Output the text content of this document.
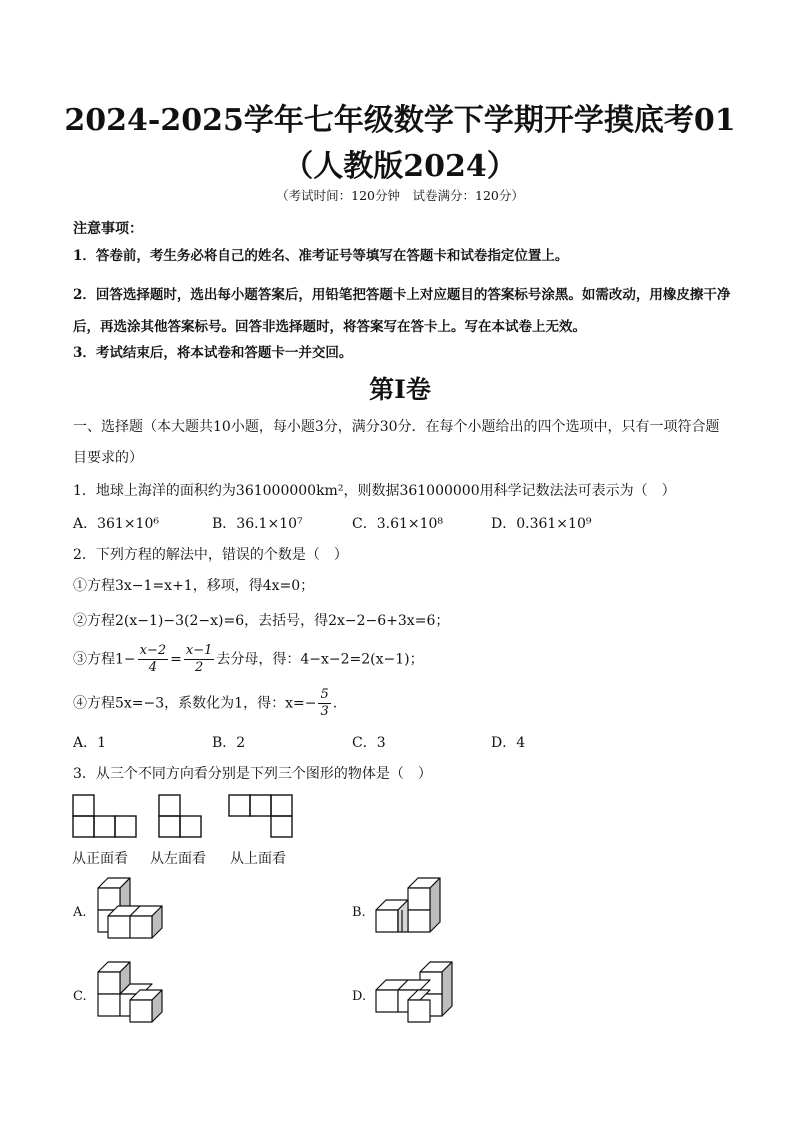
2024-2025学年七年级数学下学期开学摸底考01（人教版2024）
（考试时间：120分钟　试卷满分：120分）
注意事项：
1．答卷前，考生务必将自己的姓名、准考证号等填写在答题卡和试卷指定位置上。
2．回答选择题时，选出每小题答案后，用铅笔把答题卡上对应题目的答案标号涂黑。如需改动，用橡皮擦干净后，再选涂其他答案标号。回答非选择题时，将答案写在答卡上。写在本试卷上无效。
3．考试结束后，将本试卷和答题卡一并交回。
第I卷
一、选择题（本大题共10小题，每小题3分，满分30分．在每个小题给出的四个选项中，只有一项符合题目要求的）
1．地球上海洋的面积约为361000000km²，则数据361000000用科学记数法法可表示为（　）
A．361×10⁶	B．36.1×10⁷	C．3.61×10⁸	D．0.361×10⁹
2．下列方程的解法中，错误的个数是（　）
①方程3x−1=x+1，移项，得4x=0；
②方程2(x−1)−3(2−x)=6，去括号，得2x−2−6+3x=6；
③方程$1- \frac{x-2}{4} = \frac{x-1}{2}$ 去分母，得：4−x−2=2(x−1)；
④方程5x=−3，系数化为1，得：$x=- \frac{5}{3}$ .
A．1	B．2	C．3	D．4
3．从三个不同方向看分别是下列三个图形的物体是（　）
从正面看 从左面看 从上面看
A.	B.
C.	D.
